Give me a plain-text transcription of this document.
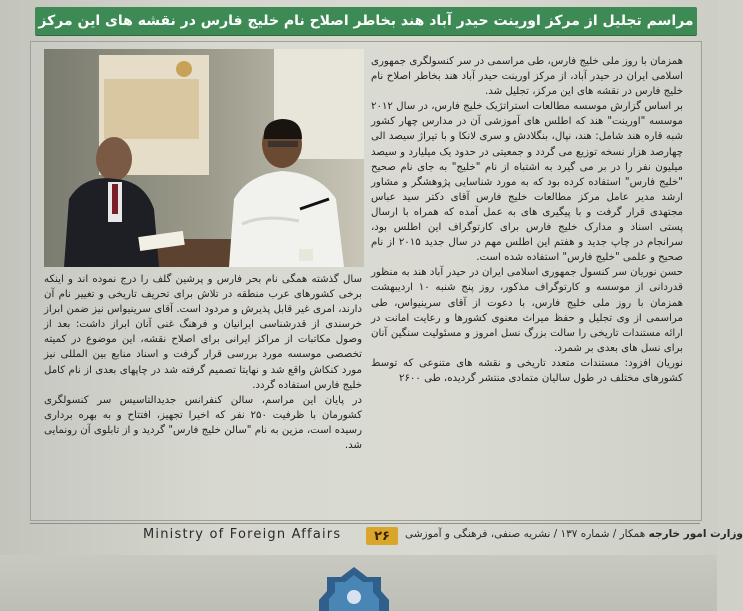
مراسم تجلیل از مرکز اورینت حیدر آباد هند بخاطر اصلاح نام خلیج فارس در نقشه های این مرکز

همزمان با روز ملی خلیج فارس، طی مراسمی در سر کنسولگری جمهوری اسلامی ایران در حیدر آباد، از مرکز اورینت حیدر آباد هند بخاطر اصلاح نام خلیج فارس در نقشه های این مرکز، تجلیل شد.

بر اساس گزارش موسسه مطالعات استراتژیک خلیج فارس، در سال ۲۰۱۲ موسسه "اورینت" هند که اطلس های آموزشی آن در مدارس چهار کشور شبه قاره هند شامل: هند، نپال، بنگلادش و سری لانکا و با تیراژ سیصد الی چهارصد هزار نسخه توزیع می گردد و جمعیتی در حدود یک میلیارد و سیصد میلیون نفر را در بر می گیرد به اشتباه از نام "خلیج" به جای نام صحیح "خلیج فارس" استفاده کرده بود که به مورد شناسایی پژوهشگر و مشاور ارشد مدیر عامل مرکز مطالعات خلیج فارس آقای دکتر سید عباس مجتهدی قرار گرفت و با پیگیری های به عمل آمده که همراه با ارسال پستی اسناد و مدارک خلیج فارس برای کارتوگراف این اطلس بود، سرانجام در چاپ جدید و هفتم این اطلس مهم در سال جدید ۲۰۱۵ از نام صحیح و علمی "خلیج فارس" استفاده شده است.

حسن نوریان سر کنسول جمهوری اسلامی ایران در حیدر آباد هند به منظور قدردانی از موسسه و کارتوگراف مذکور، روز پنج شنبه ۱۰ اردیبهشت همزمان با روز ملی خلیج فارس، با دعوت از آقای سرینیواس، طی مراسمی از وی تجلیل و حفظ میراث معنوی کشورها و رعایت امانت در ارائه مستندات تاریخی را سالت بزرگ نسل امروز و مسئولیت سنگین آنان برای نسل های بعدی بر شمرد.

نوریان افزود: مستندات متعدد تاریخی و نقشه های متنوعی که توسط کشورهای مختلف در طول سالیان متمادی منتشر گردیده، طی ۲۶۰۰

سال گذشته همگی نام بحر فارس و پرشین گلف را درج نموده اند و اینکه برخی کشورهای عرب منطقه در تلاش برای تحریف تاریخی و تغییر نام آن دارند، امری غیر قابل پذیرش و مردود است. آقای سرینیواس نیز ضمن ابراز خرسندی از قدرشناسی ایرانیان و فرهنگ غنی آنان ابراز داشت: بعد از وصول مکاتبات از مراکز ایرانی برای اصلاح نقشه، این موضوع در کمیته تخصصی موسسه مورد بررسی قرار گرفت و اسناد منابع بین المللی نیز مورد کنکاش واقع شد و نهایتا تصمیم گرفته شد در چاپهای بعدی از نام کامل خلیج فارس استفاده گردد.

در پایان این مراسم، سالن کنفرانس جدیدالتاسیس سر کنسولگری کشورمان با ظرفیت ۲۵۰ نفر که اخیرا تجهیز، افتتاح و به بهره برداری رسیده است، مزین به نام "سالن خلیج فارس" گردید و از تابلوی آن رونمایی شد.

Ministry of Foreign Affairs	۲۶	وزارت امور خارجه همکار / شماره ۱۳۷ / نشریه صنفی، فرهنگی و آموزشی
